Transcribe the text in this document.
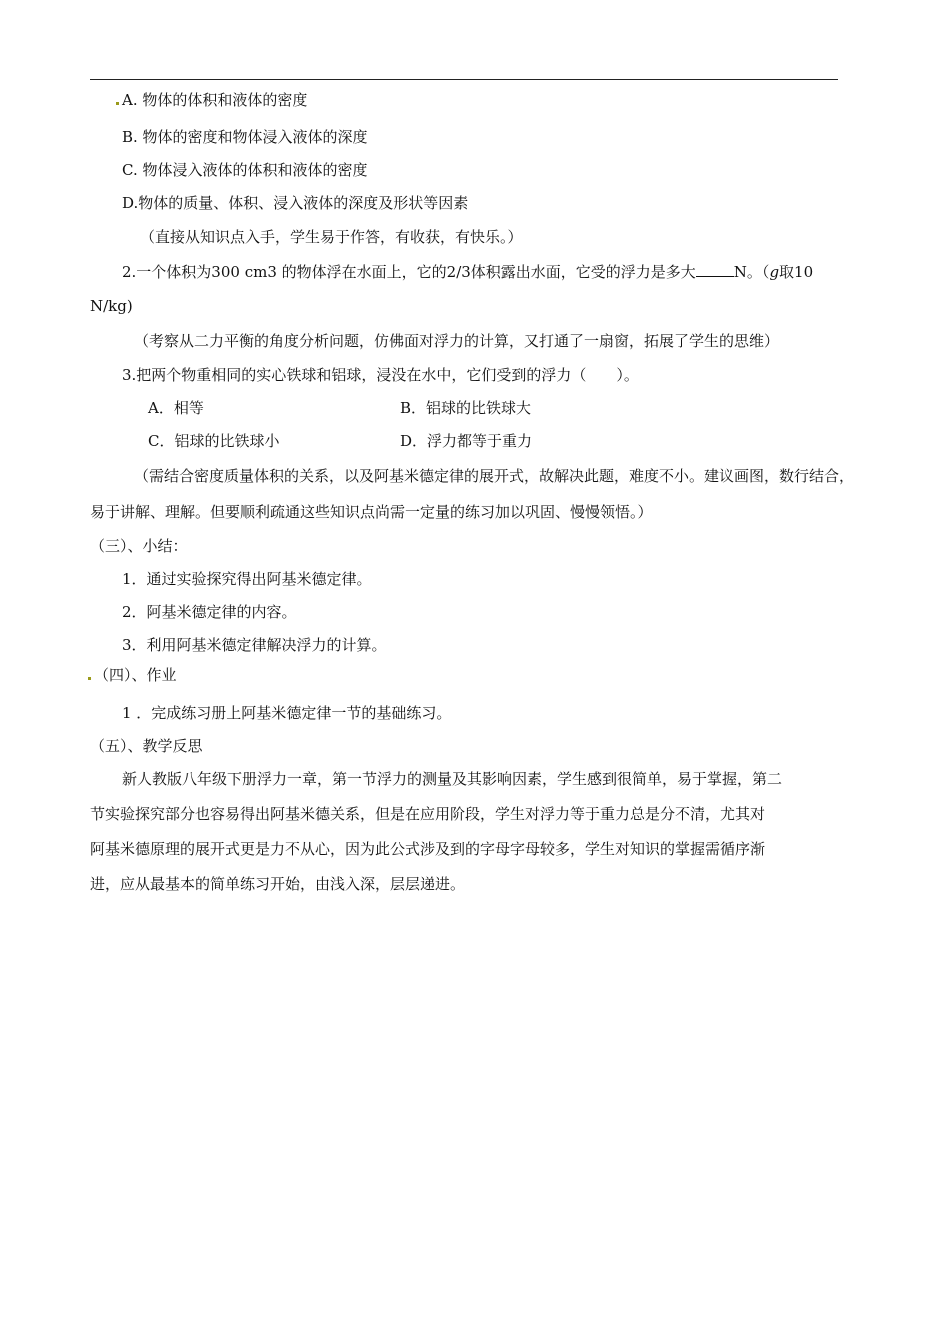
A. 物体的体积和液体的密度
B. 物体的密度和物体浸入液体的深度
C. 物体浸入液体的体积和液体的密度
D.物体的质量、体积、浸入液体的深度及形状等因素
（直接从知识点入手，学生易于作答，有收获，有快乐。）
2.一个体积为300 cm3 的物体浮在水面上，它的2/3体积露出水面，它受的浮力是多大	N。（g取10
N/kg)
（考察从二力平衡的角度分析问题，仿佛面对浮力的计算，又打通了一扇窗，拓展了学生的思维）
3.把两个物重相同的实心铁球和铝球，浸没在水中，它们受到的浮力（　　）。
A．相等	B．铝球的比铁球大
C．铝球的比铁球小	D．浮力都等于重力
（需结合密度质量体积的关系，以及阿基米德定律的展开式，故解决此题，难度不小。建议画图，数行结合，
易于讲解、理解。但要顺利疏通这些知识点尚需一定量的练习加以巩固、慢慢领悟。）
（三）、小结：
1．通过实验探究得出阿基米德定律。
2．阿基米德定律的内容。
3．利用阿基米德定律解决浮力的计算。
（四）、作业
1 ．完成练习册上阿基米德定律一节的基础练习。
（五）、教学反思
新人教版八年级下册浮力一章，第一节浮力的测量及其影响因素，学生感到很简单，易于掌握，第二
节实验探究部分也容易得出阿基米德关系，但是在应用阶段，学生对浮力等于重力总是分不清，尤其对
阿基米德原理的展开式更是力不从心，因为此公式涉及到的字母字母较多，学生对知识的掌握需循序渐
进，应从最基本的简单练习开始，由浅入深，层层递进。
